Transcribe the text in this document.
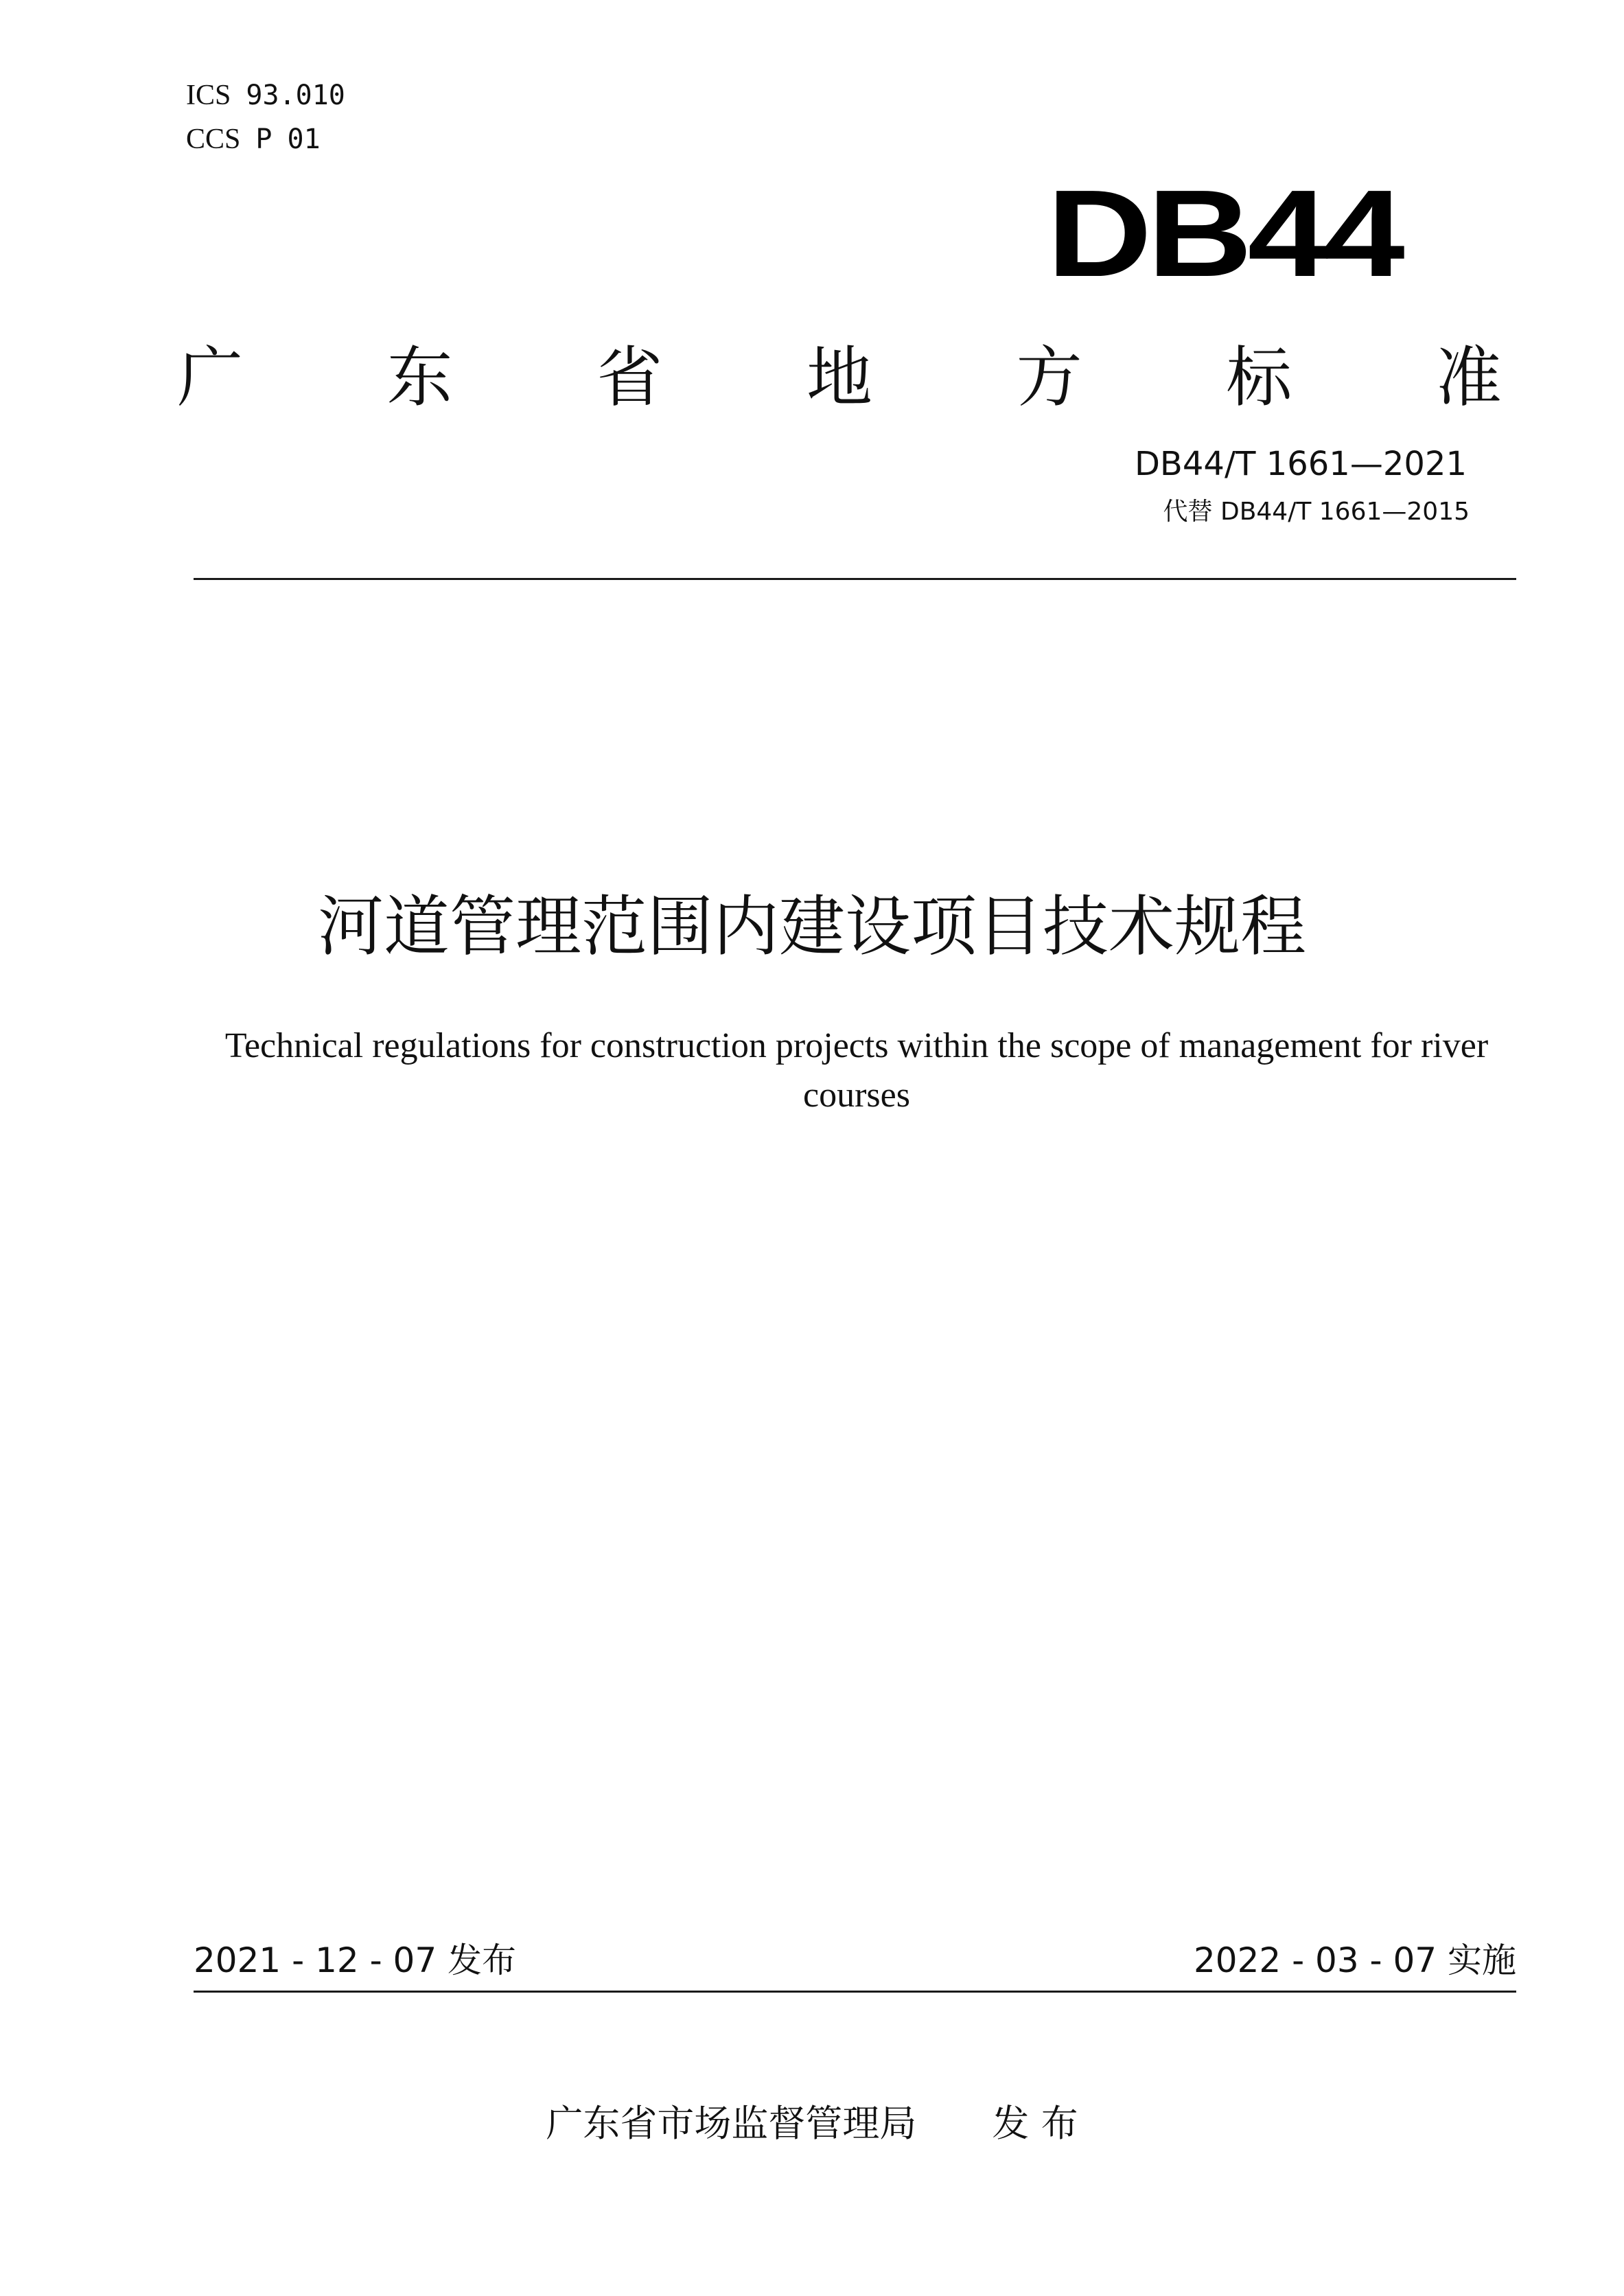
ICS 93.010
CCS P 01
DB44
广 东 省 地 方 标 准
DB44/T 1661—2021
代替 DB44/T 1661—2015
河道管理范围内建设项目技术规程
Technical regulations for construction projects within the scope of management for river courses
2021 - 12 - 07 发布	2022 - 03 - 07 实施
广东省市场监督管理局 发 布
